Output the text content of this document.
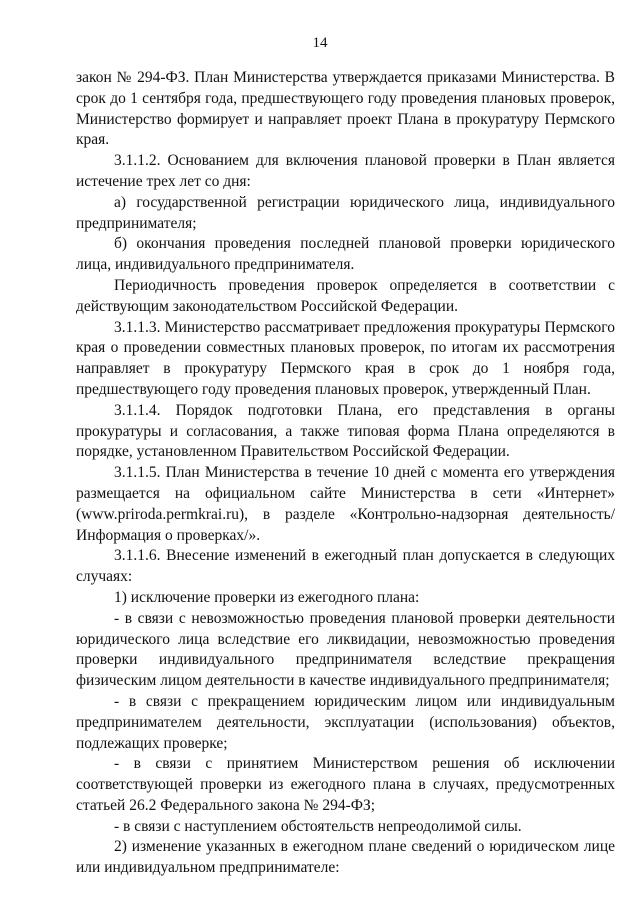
14

закон № 294-ФЗ. План Министерства утверждается приказами Министерства. В срок до 1 сентября года, предшествующего году проведения плановых проверок, Министерство формирует и направляет проект Плана в прокуратуру Пермского края.

3.1.1.2. Основанием для включения плановой проверки в План является истечение трех лет со дня:

а) государственной регистрации юридического лица, индивидуального предпринимателя;

б) окончания проведения последней плановой проверки юридического лица, индивидуального предпринимателя.

Периодичность проведения проверок определяется в соответствии с действующим законодательством Российской Федерации.

3.1.1.3. Министерство рассматривает предложения прокуратуры Пермского края о проведении совместных плановых проверок, по итогам их рассмотрения направляет в прокуратуру Пермского края в срок до 1 ноября года, предшествующего году проведения плановых проверок, утвержденный План.

3.1.1.4. Порядок подготовки Плана, его представления в органы прокуратуры и согласования, а также типовая форма Плана определяются в порядке, установленном Правительством Российской Федерации.

3.1.1.5. План Министерства в течение 10 дней с момента его утверждения размещается на официальном сайте Министерства в сети «Интернет» (www.priroda.permkrai.ru), в разделе «Контрольно-надзорная деятельность/Информация о проверках/».

3.1.1.6. Внесение изменений в ежегодный план допускается в следующих случаях:

1) исключение проверки из ежегодного плана:

- в связи с невозможностью проведения плановой проверки деятельности юридического лица вследствие его ликвидации, невозможностью проведения проверки индивидуального предпринимателя вследствие прекращения физическим лицом деятельности в качестве индивидуального предпринимателя;

- в связи с прекращением юридическим лицом или индивидуальным предпринимателем деятельности, эксплуатации (использования) объектов, подлежащих проверке;

- в связи с принятием Министерством решения об исключении соответствующей проверки из ежегодного плана в случаях, предусмотренных статьей 26.2 Федерального закона № 294-ФЗ;

- в связи с наступлением обстоятельств непреодолимой силы.

2) изменение указанных в ежегодном плане сведений о юридическом лице или индивидуальном предпринимателе:
